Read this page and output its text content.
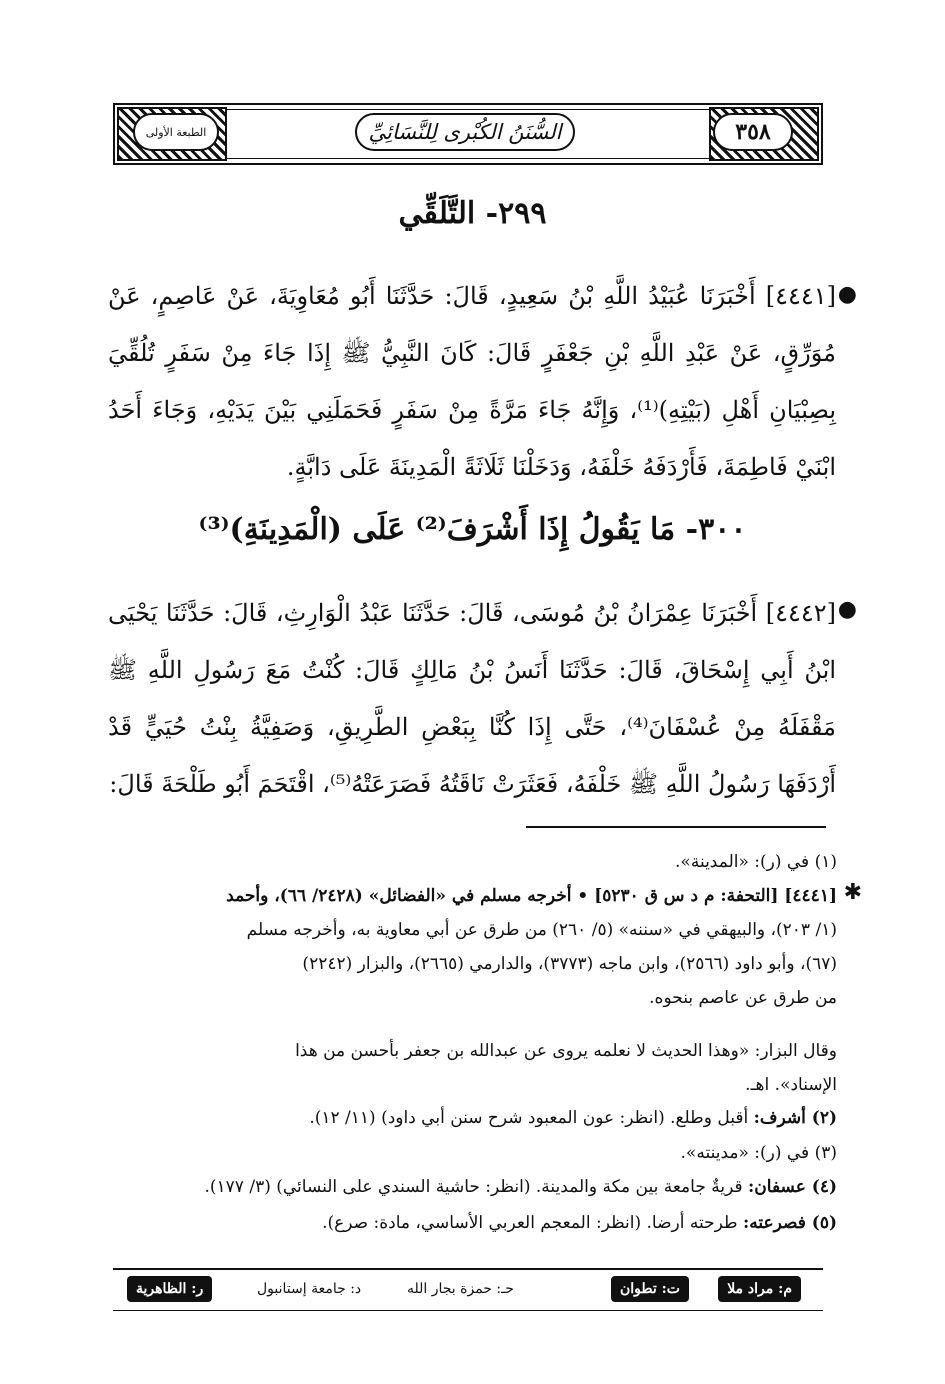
الطبعة الأولى	السُّنَنُ الكُبْرى لِلنَّسَائِيِّ	٣٥٨
٢٩٩- التَّلَقِّي
●
[٤٤٤١] أَخْبَرَنَا عُبَيْدُ اللَّهِ بْنُ سَعِيدٍ، قَالَ: حَدَّثَنَا أَبُو مُعَاوِيَةَ، عَنْ عَاصِمٍ، عَنْ مُوَرِّقٍ، عَنْ عَبْدِ اللَّهِ بْنِ جَعْفَرٍ قَالَ: كَانَ النَّبِيُّ ﷺ إِذَا جَاءَ مِنْ سَفَرٍ تُلُقِّيَ بِصِبْيَانِ أَهْلِ (بَيْتِهِ)⁽¹⁾، وَإِنَّهُ جَاءَ مَرَّةً مِنْ سَفَرٍ فَحَمَلَنِي بَيْنَ يَدَيْهِ، وَجَاءَ أَحَدُ ابْنَيْ فَاطِمَةَ، فَأَرْدَفَهُ خَلْفَهُ، وَدَخَلْنَا ثَلَاثَةً الْمَدِينَةَ عَلَى دَابَّةٍ.
٣٠٠- مَا يَقُولُ إِذَا أَشْرَفَ⁽²⁾ عَلَى (الْمَدِينَةِ)⁽³⁾
●
[٤٤٤٢] أَخْبَرَنَا عِمْرَانُ بْنُ مُوسَى، قَالَ: حَدَّثَنَا عَبْدُ الْوَارِثِ، قَالَ: حَدَّثَنَا يَحْيَى ابْنُ أَبِي إِسْحَاقَ، قَالَ: حَدَّثَنَا أَنَسُ بْنُ مَالِكٍ قَالَ: كُنْتُ مَعَ رَسُولِ اللَّهِ ﷺ مَقْفَلَهُ مِنْ عُسْفَانَ⁽⁴⁾، حَتَّى إِذَا كُنَّا بِبَعْضِ الطَّرِيقِ، وَصَفِيَّةُ بِنْتُ حُيَيٍّ قَدْ أَرْدَفَهَا رَسُولُ اللَّهِ ﷺ خَلْفَهُ، فَعَثَرَتْ نَاقَتُهُ فَصَرَعَتْهُ⁽⁵⁾، اقْتَحَمَ أَبُو طَلْحَةَ قَالَ:
(١) في (ر): «المدينة».
✱

[٤٤٤١] [التحفة: م د س ق ٥٢٣٠] • أخرجه مسلم في «الفضائل» (٢٤٢٨/ ٦٦)، وأحمد

(١/ ٢٠٣)، والبيهقي في «سننه» (٥/ ٢٦٠) من طرق عن أبي معاوية به، وأخرجه مسلم

(٦٧)، وأبو داود (٢٥٦٦)، وابن ماجه (٣٧٧٣)، والدارمي (٢٦٦٥)، والبزار (٢٢٤٢)

من طرق عن عاصم بنحوه.

وقال البزار: «وهذا الحديث لا نعلمه يروى عن عبدالله بن جعفر بأحسن من هذا
الإسناد». اهـ.
(٢) أشرف: أقبل وطلع. (انظر: عون المعبود شرح سنن أبي داود) (١١/ ١٢).
(٣) في (ر): «مدينته».
(٤) عسفان: قريةٌ جامعة بين مكة والمدينة. (انظر: حاشية السندي على النسائي) (٣/ ١٧٧).
(٥) فصرعته: طرحته أرضا. (انظر: المعجم العربي الأساسي، مادة: صرع).
م: مراد ملا
ت: تطوان
حـ: حمزة بجار الله
د: جامعة إستانبول
ر: الظاهرية
